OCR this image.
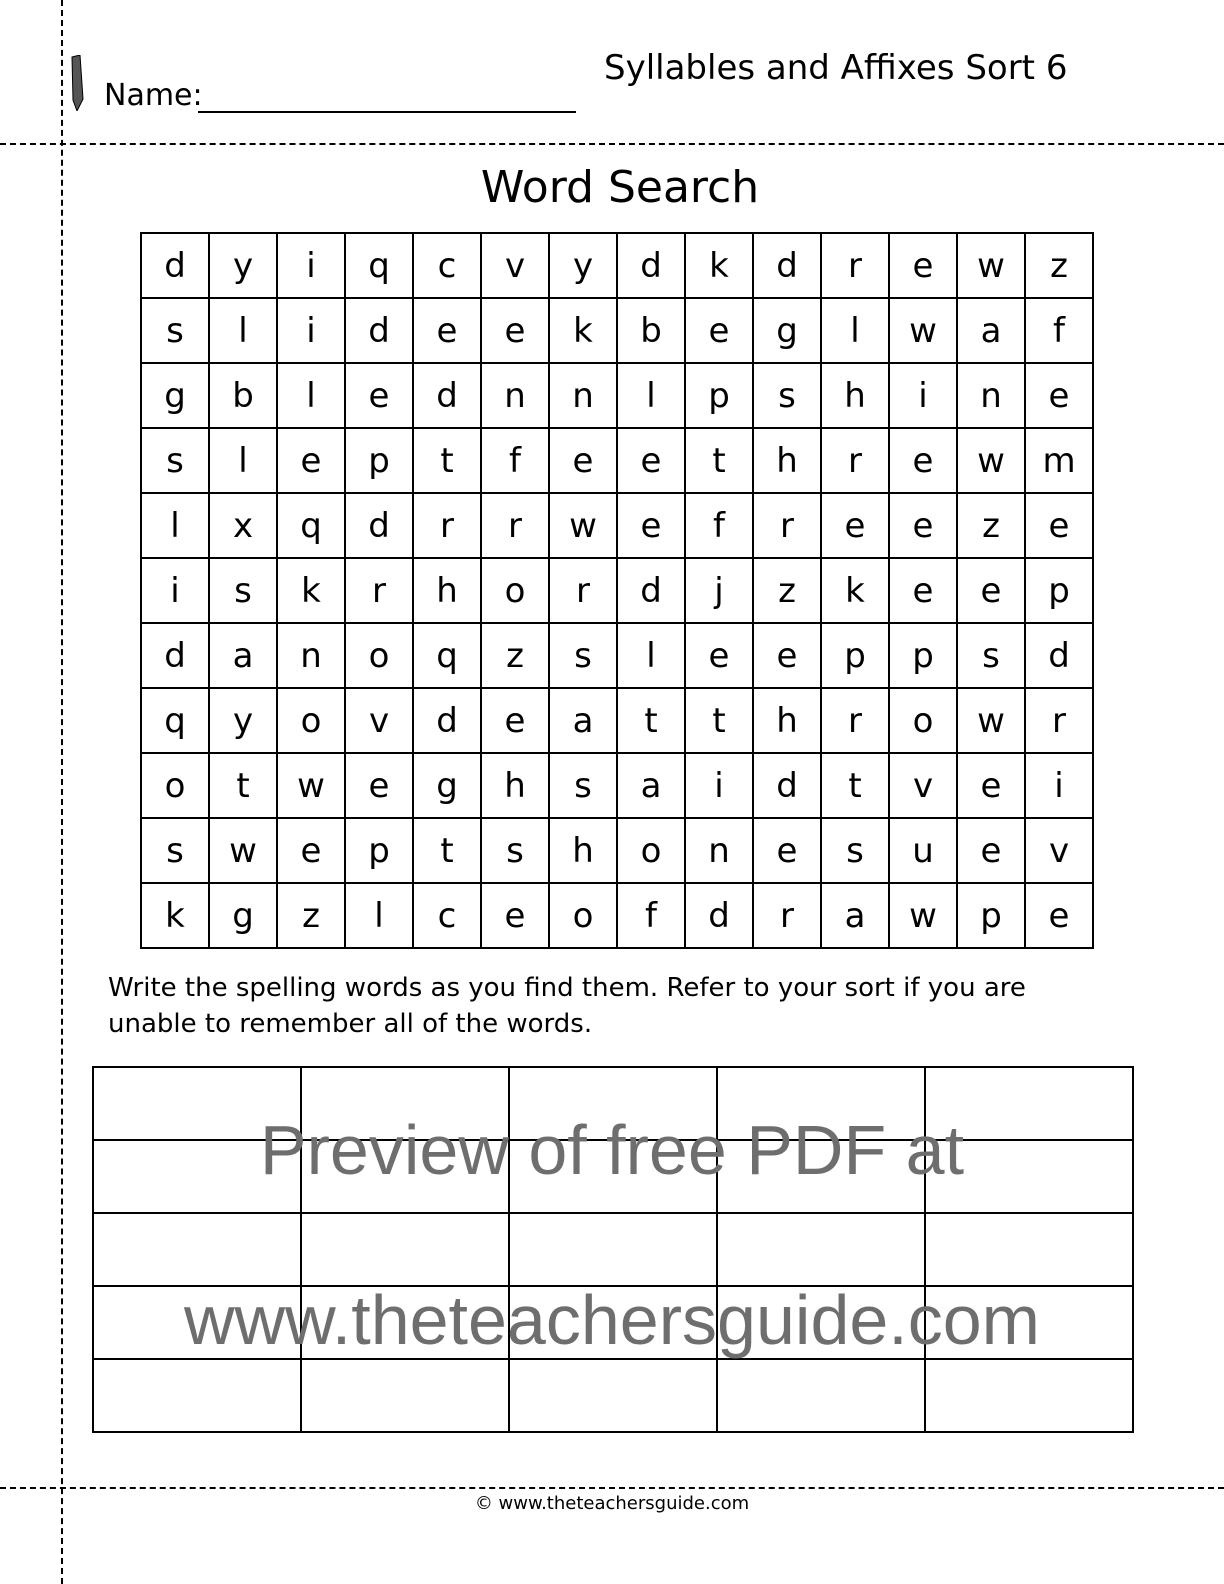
Name:
Syllables and Affixes Sort 6
Word Search
d	y	i	q	c	v	y	d	k	d	r	e	w	z
s	l	i	d	e	e	k	b	e	g	l	w	a	f
g	b	l	e	d	n	n	l	p	s	h	i	n	e
s	l	e	p	t	f	e	e	t	h	r	e	w	m
l	x	q	d	r	r	w	e	f	r	e	e	z	e
i	s	k	r	h	o	r	d	j	z	k	e	e	p
d	a	n	o	q	z	s	l	e	e	p	p	s	d
q	y	o	v	d	e	a	t	t	h	r	o	w	r
o	t	w	e	g	h	s	a	i	d	t	v	e	i
s	w	e	p	t	s	h	o	n	e	s	u	e	v
k	g	z	l	c	e	o	f	d	r	a	w	p	e
Write the spelling words as you find them. Refer to your sort if you are unable to remember all of the words.

Preview of free PDF at
www.theteachersguide.com
© www.theteachersguide.com
